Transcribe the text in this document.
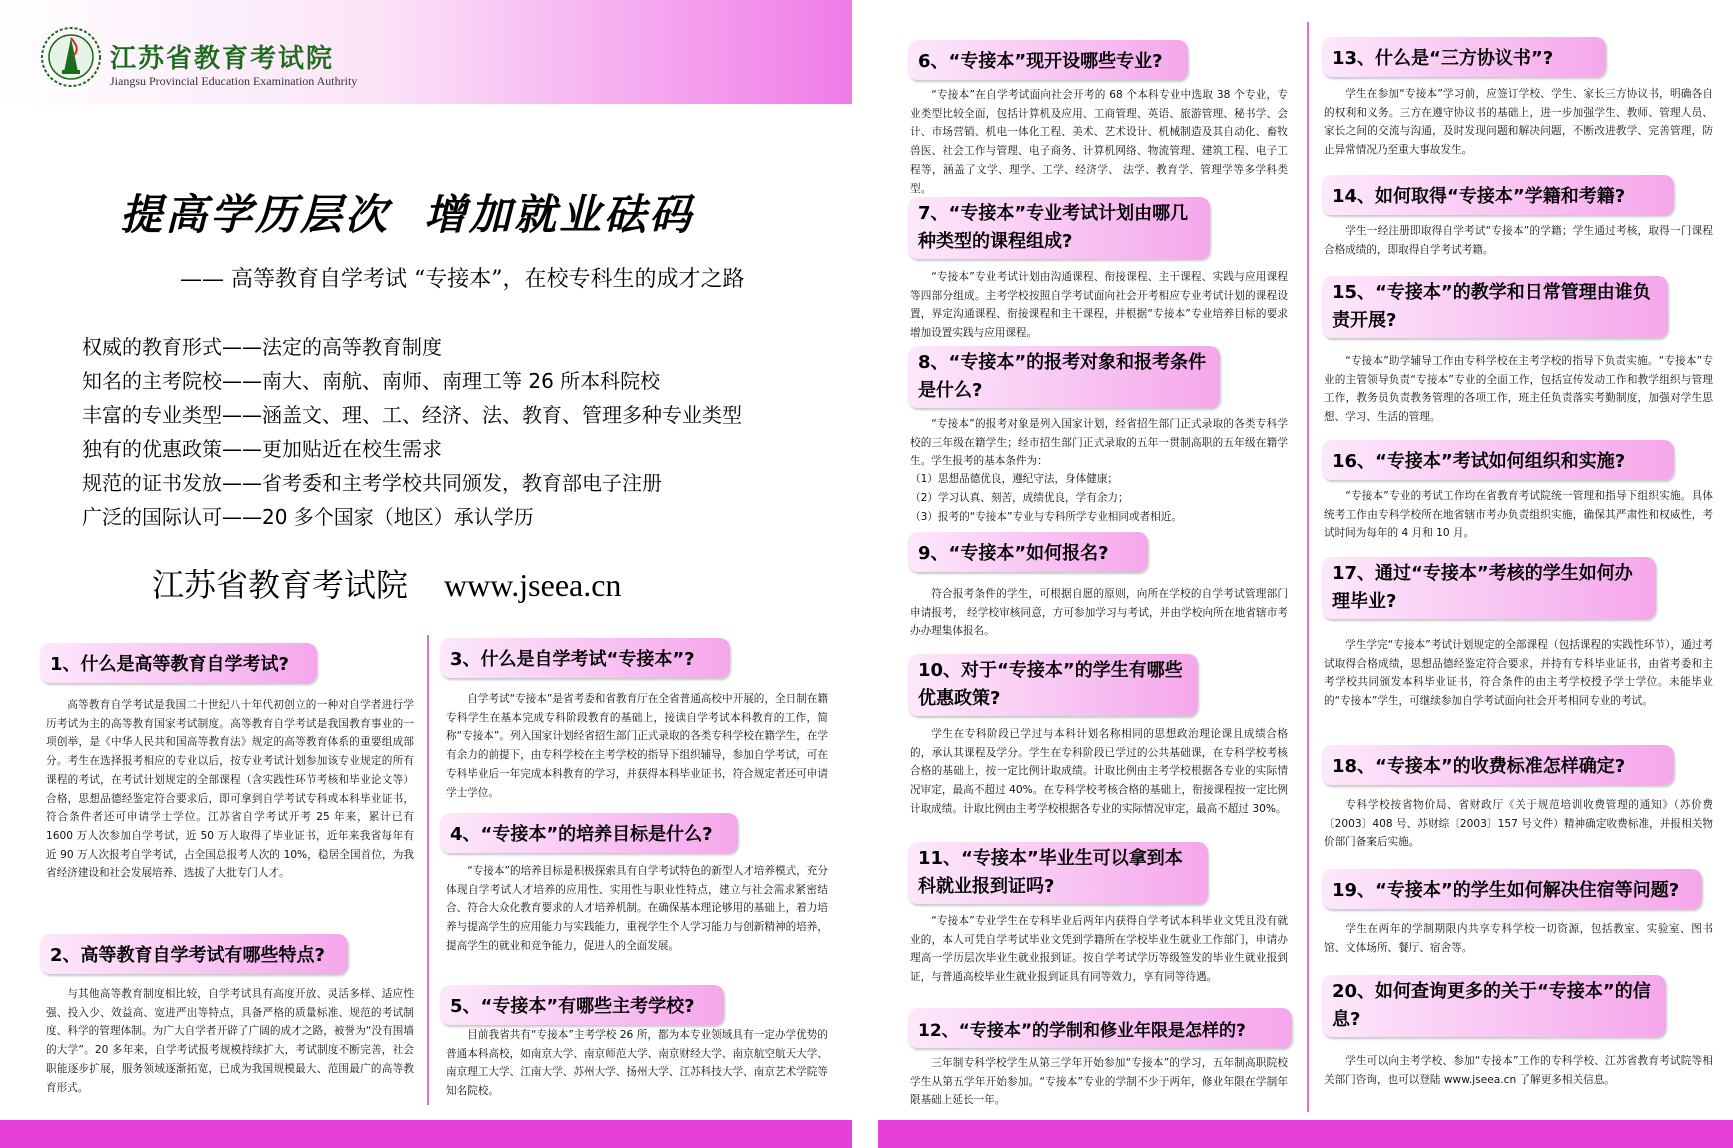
江苏省教育考试院
Jiangsu Provincial Education Examination Authrity
提高学历层次 增加就业砝码
—— 高等教育自学考试 “专接本”，在校专科生的成才之路
权威的教育形式——法定的高等教育制度
知名的主考院校——南大、南航、南师、南理工等 26 所本科院校
丰富的专业类型——涵盖文、理、工、经济、法、教育、管理多种专业类型
独有的优惠政策——更加贴近在校生需求
规范的证书发放——省考委和主考学校共同颁发，教育部电子注册
广泛的国际认可——20 多个国家（地区）承认学历
江苏省教育考试院 www.jseea.cn
1、什么是高等教育自学考试?

高等教育自学考试是我国二十世纪八十年代初创立的一种对自学者进行学历考试为主的高等教育国家考试制度。高等教育自学考试是我国教育事业的一项创举，是《中华人民共和国高等教育法》规定的高等教育体系的重要组成部分。考生在选择报考相应的专业以后，按专业考试计划参加该专业规定的所有课程的考试，在考试计划规定的全部课程（含实践性环节考核和毕业论文等）合格，思想品德经鉴定符合要求后，即可拿到自学考试专科或本科毕业证书，符合条件者还可申请学士学位。江苏省自学考试开考 25 年来，累计已有 1600 万人次参加自学考试，近 50 万人取得了毕业证书，近年来我省每年有近 90 万人次报考自学考试，占全国总报考人次的 10%，稳居全国首位，为我省经济建设和社会发展培养、选拔了大批专门人才。

2、高等教育自学考试有哪些特点?

与其他高等教育制度相比较，自学考试具有高度开放、灵活多样、适应性强、投入少、效益高、宽进严出等特点，具备严格的质量标准、规范的考试制度、科学的管理体制。为广大自学者开辟了广阔的成才之路，被誉为“没有围墙的大学”。20 多年来，自学考试报考规模持续扩大，考试制度不断完善，社会职能逐步扩展，服务领域逐渐拓宽，已成为我国规模最大、范围最广的高等教育形式。

3、什么是自学考试“专接本”?

自学考试“专接本”是省考委和省教育厅在全省普通高校中开展的，全日制在籍专科学生在基本完成专科阶段教育的基础上，接读自学考试本科教育的工作，简称“专接本”。列入国家计划经省招生部门正式录取的各类专科学校在籍学生，在学有余力的前提下，由专科学校在主考学校的指导下组织辅导，参加自学考试，可在专科毕业后一年完成本科教育的学习，并获得本科毕业证书，符合规定者还可申请学士学位。

4、“专接本”的培养目标是什么?

“专接本”的培养目标是积极探索具有自学考试特色的新型人才培养模式，充分体现自学考试人才培养的应用性、实用性与职业性特点，建立与社会需求紧密结合、符合大众化教育要求的人才培养机制。在确保基本理论够用的基础上，着力培养与提高学生的应用能力与实践能力，重视学生个人学习能力与创新精神的培养，提高学生的就业和竞争能力，促进人的全面发展。

5、“专接本”有哪些主考学校?

目前我省共有“专接本”主考学校 26 所，都为本专业领域具有一定办学优势的普通本科高校，如南京大学、南京师范大学、南京财经大学、南京航空航天大学、南京理工大学、江南大学、苏州大学、扬州大学、江苏科技大学、南京艺术学院等知名院校。

6、“专接本”现开设哪些专业?

“专接本”在自学考试面向社会开考的 68 个本科专业中选取 38 个专业，专业类型比较全面，包括计算机及应用、工商管理、英语、旅游管理、秘书学、会计、市场营销、机电一体化工程、美术、艺术设计、机械制造及其自动化、畜牧兽医、社会工作与管理、电子商务、计算机网络、物流管理、建筑工程、电子工程等，涵盖了文学、理学、工学、经济学、 法学、教育学、管理学等多学科类型。

7、“专接本”专业考试计划由哪几种类型的课程组成?

“专接本”专业考试计划由沟通课程、衔接课程、主干课程、实践与应用课程等四部分组成。主考学校按照自学考试面向社会开考相应专业考试计划的课程设置，界定沟通课程、衔接课程和主干课程，并根据“专接本”专业培养目标的要求增加设置实践与应用课程。

8、“专接本”的报考对象和报考条件是什么?

“专接本”的报考对象是列入国家计划，经省招生部门正式录取的各类专科学校的三年级在籍学生；经市招生部门正式录取的五年一贯制高职的五年级在籍学生。学生报考的基本条件为：

（1）思想品德优良，遵纪守法，身体健康；

（2）学习认真、刻苦，成绩优良，学有余力；

（3）报考的“专接本”专业与专科所学专业相同或者相近。

9、“专接本”如何报名?

符合报考条件的学生，可根据自愿的原则，向所在学校的自学考试管理部门申请报考， 经学校审核同意，方可参加学习与考试，并由学校向所在地省辖市考办办理集体报名。

10、对于“专接本”的学生有哪些优惠政策?

学生在专科阶段已学过与本科计划名称相同的思想政治理论课且成绩合格的，承认其课程及学分。学生在专科阶段已学过的公共基础课，在专科学校考核合格的基础上，按一定比例计取成绩。计取比例由主考学校根据各专业的实际情况审定，最高不超过 40%。在专科学校考核合格的基础上，衔接课程按一定比例计取成绩。计取比例由主考学校根据各专业的实际情况审定，最高不超过 30%。

11、“专接本”毕业生可以拿到本科就业报到证吗?

“专接本”专业学生在专科毕业后两年内获得自学考试本科毕业文凭且没有就业的，本人可凭自学考试毕业文凭到学籍所在学校毕业生就业工作部门，申请办理高一学历层次毕业生就业报到证。按自学考试学历等级签发的毕业生就业报到证，与普通高校毕业生就业报到证具有同等效力，享有同等待遇。

12、“专接本”的学制和修业年限是怎样的?

三年制专科学校学生从第三学年开始参加“专接本”的学习，五年制高职院校学生从第五学年开始参加。“专接本”专业的学制不少于两年，修业年限在学制年限基础上延长一年。

13、什么是“三方协议书”?

学生在参加“专接本”学习前，应签订学校、学生、家长三方协议书，明确各自的权利和义务。三方在遵守协议书的基础上，进一步加强学生、教师、管理人员、家长之间的交流与沟通，及时发现问题和解决问题，不断改进教学、完善管理，防止异常情况乃至重大事故发生。

14、如何取得“专接本”学籍和考籍?

学生一经注册即取得自学考试“专接本”的学籍；学生通过考核，取得一门课程合格成绩的，即取得自学考试考籍。

15、“专接本”的教学和日常管理由谁负责开展?

“专接本”助学辅导工作由专科学校在主考学校的指导下负责实施。“专接本”专业的主管领导负责“专接本”专业的全面工作，包括宣传发动工作和教学组织与管理工作，教务员负责教务管理的各项工作，班主任负责落实考勤制度，加强对学生思想、学习、生活的管理。

16、“专接本”考试如何组织和实施?

“专接本”专业的考试工作均在省教育考试院统一管理和指导下组织实施。具体统考工作由专科学校所在地省辖市考办负责组织实施，确保其严肃性和权威性，考试时间为每年的 4 月和 10 月。

17、通过“专接本”考核的学生如何办理毕业?

学生学完“专接本”考试计划规定的全部课程（包括课程的实践性环节），通过考试取得合格成绩，思想品德经鉴定符合要求，并持有专科毕业证书，由省考委和主考学校共同颁发本科毕业证书，符合条件的由主考学校授予学士学位。未能毕业的“专接本”学生，可继续参加自学考试面向社会开考相同专业的考试。

18、“专接本”的收费标准怎样确定?

专科学校按省物价局、省财政厅《关于规范培训收费管理的通知》（苏价费〔2003〕408 号、苏财综〔2003〕157 号文件）精神确定收费标准，并报相关物价部门备案后实施。

19、“专接本”的学生如何解决住宿等问题?

学生在两年的学制期限内共享专科学校一切资源，包括教室、实验室、图书馆、文体场所、餐厅、宿舍等。

20、如何查询更多的关于“专接本”的信息?

学生可以向主考学校、参加“专接本”工作的专科学校、江苏省教育考试院等相关部门咨询，也可以登陆 www.jseea.cn 了解更多相关信息。
